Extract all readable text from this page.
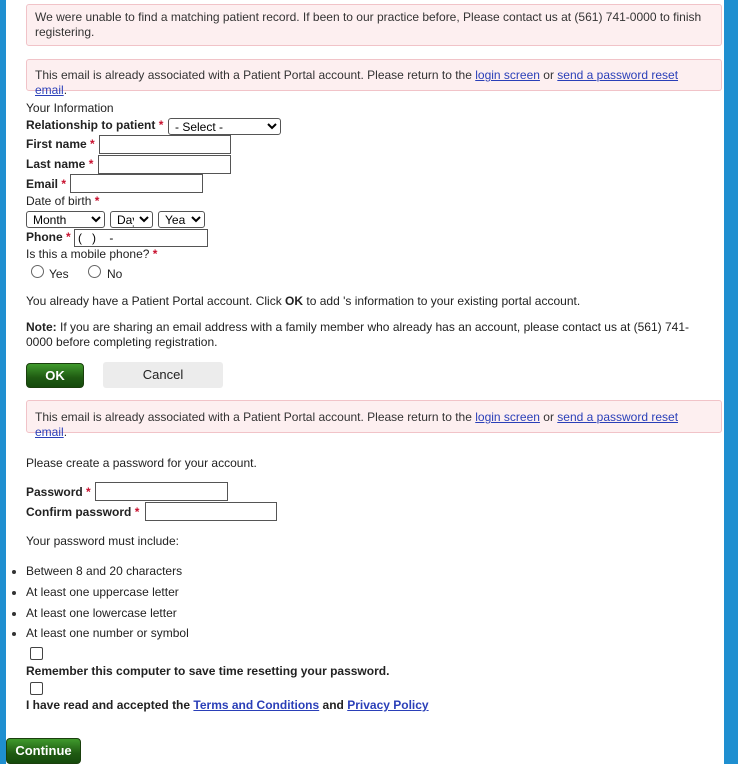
We were unable to find a matching patient record. If been to our practice before, Please contact us at (561) 741-0000 to finish registering.
This email is already associated with a Patient Portal account. Please return to the login screen or send a password reset email.
Your Information
Relationship to patient *
- Select -
First name *
Last name *
Email *
Date of birth *
Month
Day
Year
Phone *
( ) -
Is this a mobile phone? *
Yes	No
You already have a Patient Portal account. Click OK to add 's information to your existing portal account.
Note: If you are sharing an email address with a family member who already has an account, please contact us at (561) 741-0000 before completing registration.
OK	Cancel
This email is already associated with a Patient Portal account. Please return to the login screen or send a password reset email.
Please create a password for your account.
Password *
Confirm password *
Your password must include:
Between 8 and 20 characters
At least one uppercase letter
At least one lowercase letter
At least one number or symbol
Remember this computer to save time resetting your password.
I have read and accepted the Terms and Conditions and Privacy Policy
Continue
